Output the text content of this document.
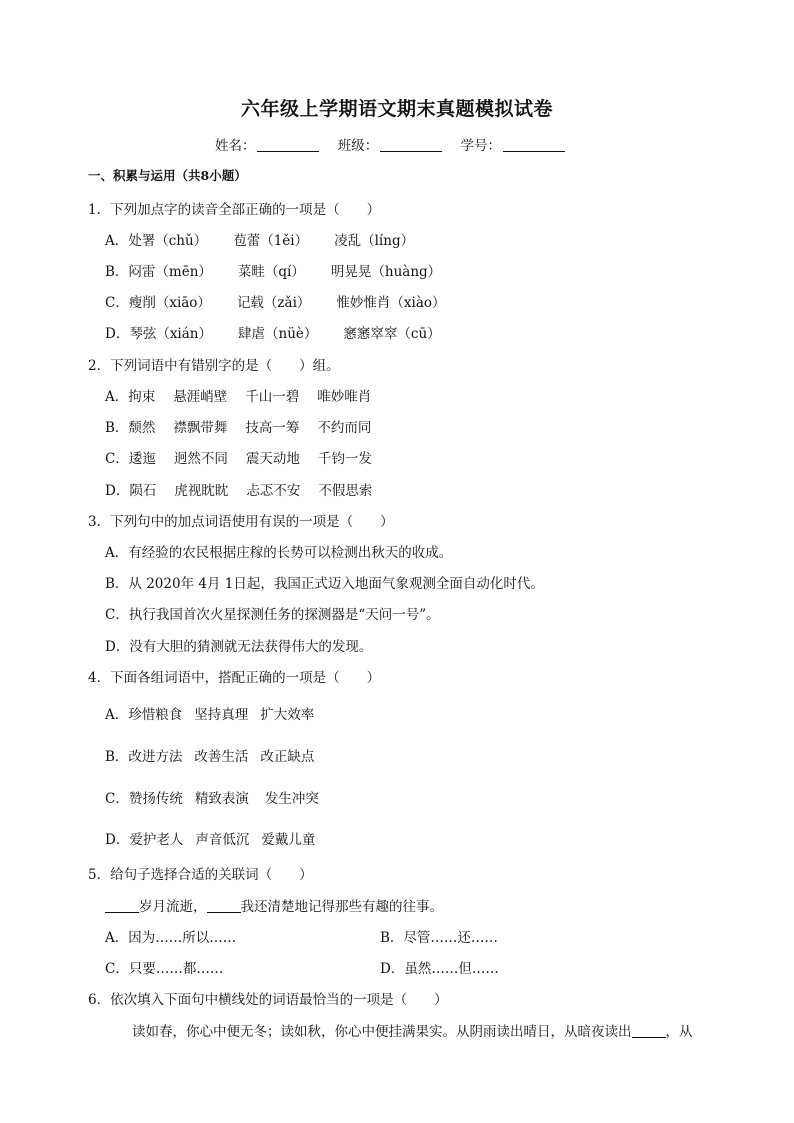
六年级上学期语文期末真题模拟试卷
姓名：	班级：	学号：
一、积累与运用（共8小题）
1．下列加点字的读音全部正确的一项是（　　）
A．处署（chǔ） 苞蕾（1ěi） 凌乱（líng）
B．闷雷（mēn） 菜畦（qí） 明晃晃（huàng）
C．瘦削（xiāo） 记载（zǎi） 惟妙惟肖（xiào）
D．琴弦（xián） 肆虐（nüè） 窸窸窣窣（cū）
2．下列词语中有错别字的是（　　）组。
A．拘束 悬涯峭壁 千山一碧 唯妙唯肖
B．颓然 襟飘带舞 技高一筹 不约而同
C．逶迤 迥然不同 震天动地 千钧一发
D．陨石 虎视眈眈 忐忑不安 不假思索
3．下列句中的加点词语使用有误的一项是（　　）
A．有经验的农民根据庄稼的长势可以检测出秋天的收成。
B．从 2020年 4月 1日起，我国正式迈入地面气象观测全面自动化时代。
C．执行我国首次火星探测任务的探测器是“天问一号”。
D．没有大胆的猜测就无法获得伟大的发现。
4．下面各组词语中，搭配正确的一项是（　　）
A．珍惜粮食 坚持真理 扩大效率
B．改进方法 改善生活 改正缺点
C．赞扬传统 精致表演 发生冲突
D．爱护老人 声音低沉 爱戴儿童
5．给句子选择合适的关联词（　　）
岁月流逝，	我还清楚地记得那些有趣的往事。
A．因为……所以……	B．尽管……还……
C．只要……都……	D．虽然……但……
6．依次填入下面句中横线处的词语最恰当的一项是（　　）
读如春，你心中便无冬；读如秋，你心中便挂满果实。从阴雨读出晴日，从暗夜读出	，从
